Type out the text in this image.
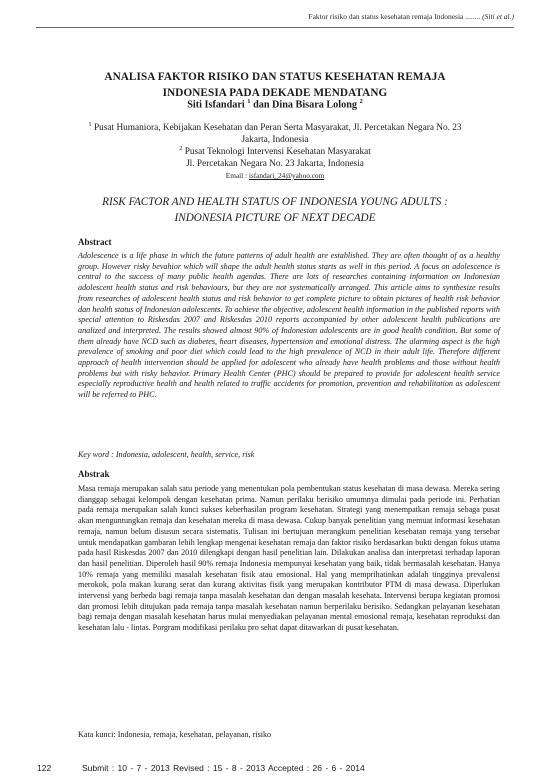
Faktor risiko dan status kesehatan remaja Indonesia ........ (Siti et al.)
ANALISA FAKTOR RISIKO DAN STATUS KESEHATAN REMAJA
INDONESIA PADA DEKADE MENDATANG
Siti Isfandari $^1$ dan Dina Bisara Lolong $^2$
$^1$ Pusat Humaniora, Kebijakan Kesehatan dan Peran Serta Masyarakat, Jl. Percetakan Negara No. 23
Jakarta, Indonesia
$^2$ Pusat Teknologi Intervensi Kesehatan Masyarakat
Jl. Percetakan Negara No. 23 Jakarta, Indonesia
Email : isfandari_24@yahoo.com
RISK FACTOR AND HEALTH STATUS OF INDONESIA YOUNG ADULTS :
INDONESIA PICTURE OF NEXT DECADE
Abstract
Adolescence is a life phase in which the future patterns of adult health are established. They are often thought of as a healthy group. However risky bevahior which will shape the adult health status starts as well in this period. A focus on adolescence is central to the success of many public health agendas. There are lots of researches containing information on Indonesian adolescent health status and risk behaviours, but they are not systematically arranged. This article aims to synthesize results from researches of adolescent health status and risk behavior to get complete picture to obtain pictures of health risk behavior dan health status of Indonesian adolescents. To achieve the objective, adolescent health information in the published reports with special attention to Riskesdas 2007 and Riskesdas 2010 reports accompanied by other adolescent health publications are analized and interpreted. The results showed almost 90% of Indonesian adolescents are in good health condition. But some of them already have NCD such as diabetes, heart diseases, hypertension and emotional distress. The alarming aspect is the high prevalence of smoking and poor diet which could lead to the high prevalence of NCD in their adult life. Therefore different approach of health intervention should be applied for adolescent who already have health problems and those without health problems but with risky behavior. Primary Health Center (PHC) should be prepared to provide for adolescent health service especially reproductive health and health related to traffic accidents for promotion, prevention and rehabilitation as adolescent will be referred to PHC.
Key word : Indonesia, adolescent, health, service, risk
Abstrak
Masa remaja merupakan salah satu periode yang menentukan pola pembentukan status kesehatan di masa dewasa. Mereka sering dianggap sebagai kelompok dengan kesehatan prima. Namun perilaku berisiko umumnya dimulai pada periode ini. Perhatian pada remaja merupakan salah kunci sukses keberhasilan program kesehatan. Strategi yang menempatkan remaja sebaga pusat akan menguntungkan remaja dan kesehatan mereka di masa dewasa. Cukup banyak penelitian yang memuat informasi kesehatan remaja, namun belum disusun secara sistematis. Tulisan ini bertujuan merangkum penelitian kesehatan remaja yang tersebar untuk mendapatkan gambaran lebih lengkap mengenai kesehatan remaja dan faktor risiko berdasarkan bukti dengan fokus utama pada hasil Riskesdas 2007 dan 2010 dilengkapi dengan hasil penelitian lain. Dilakukan analisa dan interpretasi terhadap laporan dan hasil penelitian. Diperoleh hasil 90% remaja Indonesia mempunyai kesehatan yang baik, tidak bermasalah kesehatan. Hanya 10% remaja yang memiliki masalah kesehatan fisik atau emosional. Hal yang memprihatinkan adalah tingginya prevalensi merokok, pola makan kurang serat dan kurang aktivitas fisik yang merupakan kontributor PTM di masa dewasa. Diperlukan intervensi yang berbeda bagi remaja tanpa masalah kesehatan dan dengan masalah kesehata. Intervensi berupa kegiatan promosi dan promosi lebih ditujukan pada remaja tanpa masalah kesehatan namun berperilaku berisiko. Sedangkan pelayanan kesehatan bagi remaja dengan masalah kesehatan harus mulai menyediakan pelayanan mental emosional remaja, kesehatan reproduksi dan kesehatan lalu - lintas. Porgram modifikasi perilaku pro sehat dapat ditawarkan di pusat kesehatan.
Kata kunci: Indonesia, remaja, kesehatan, pelayanan, risiko
122	Submit : 10 - 7 - 2013 Revised : 15 - 8 - 2013 Accepted : 26 - 6 - 2014
